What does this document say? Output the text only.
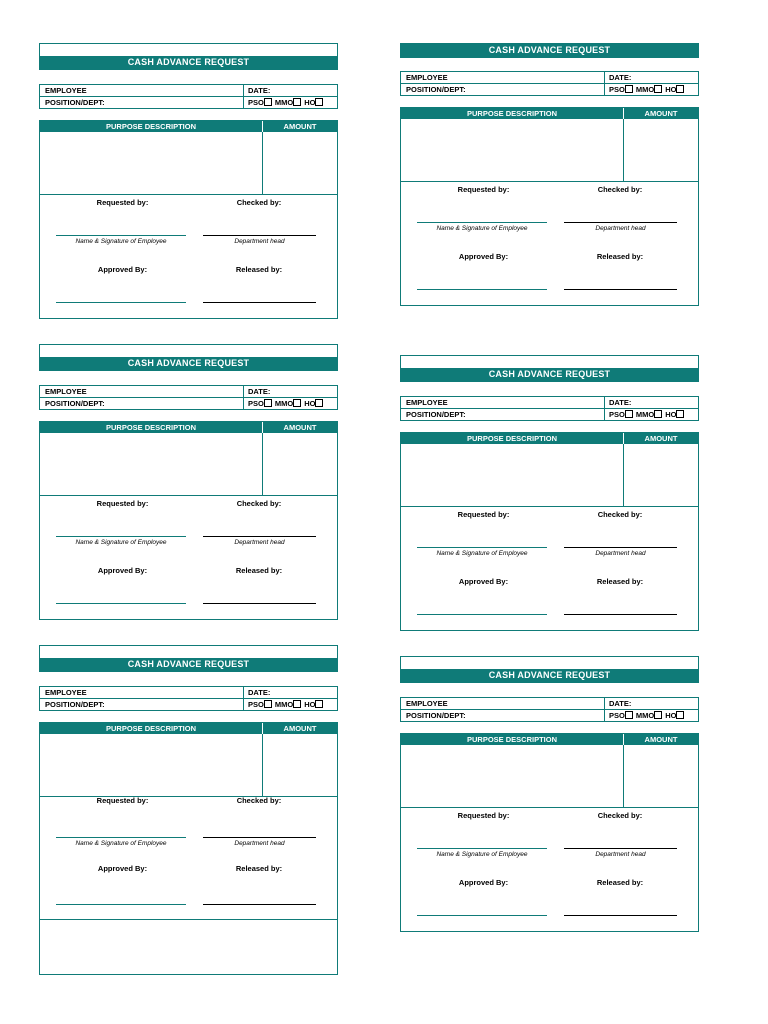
CASH ADVANCE REQUEST
EMPLOYEE	DATE:
POSITION/DEPT:	PSO MMO HO
PURPOSE DESCRIPTION	AMOUNT
Requested by:	Checked by:
Name & Signature of Employee	Department head
Approved By:	Released by:
CASH ADVANCE REQUEST
EMPLOYEE	DATE:
POSITION/DEPT:	PSO MMO HO
PURPOSE DESCRIPTION	AMOUNT
Requested by:	Checked by:
Name & Signature of Employee	Department head
Approved By:	Released by:
CASH ADVANCE REQUEST
EMPLOYEE	DATE:
POSITION/DEPT:	PSO MMO HO
PURPOSE DESCRIPTION	AMOUNT
Requested by:	Checked by:
Name & Signature of Employee	Department head
Approved By:	Released by:
CASH ADVANCE REQUEST
EMPLOYEE	DATE:
POSITION/DEPT:	PSO MMO HO
PURPOSE DESCRIPTION	AMOUNT
Requested by:	Checked by:
Name & Signature of Employee	Department head
Approved By:	Released by:
CASH ADVANCE REQUEST
EMPLOYEE	DATE:
POSITION/DEPT:	PSO MMO HO
PURPOSE DESCRIPTION	AMOUNT
Requested by:	Checked by:
Name & Signature of Employee	Department head
Approved By:	Released by:
CASH ADVANCE REQUEST
EMPLOYEE	DATE:
POSITION/DEPT:	PSO MMO HO
PURPOSE DESCRIPTION	AMOUNT
Requested by:	Checked by:
Name & Signature of Employee	Department head
Approved By:	Released by:
